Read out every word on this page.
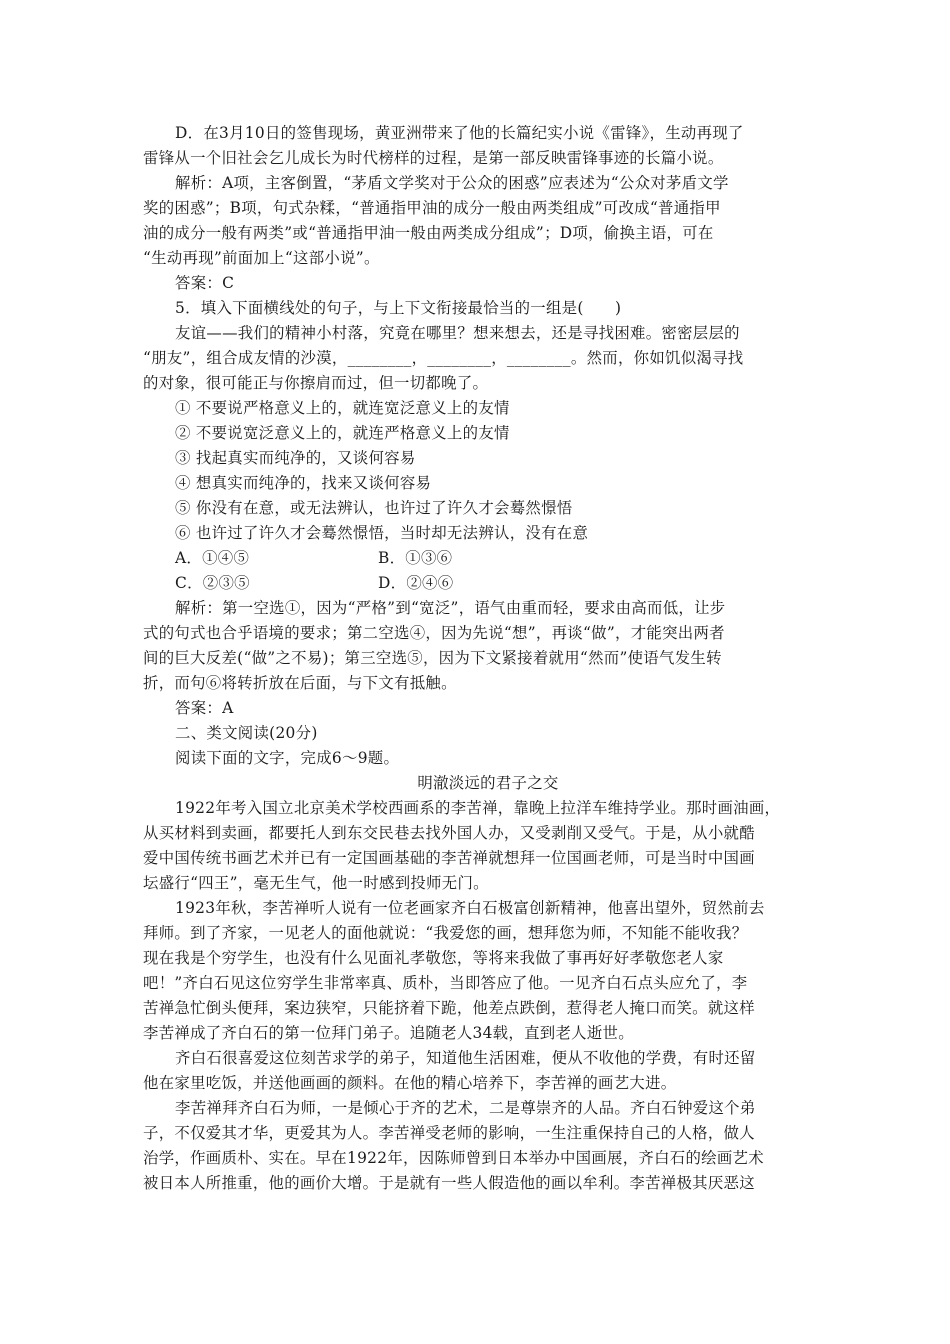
D．在3月10日的签售现场，黄亚洲带来了他的长篇纪实小说《雷锋》，生动再现了
雷锋从一个旧社会乞儿成长为时代榜样的过程，是第一部反映雷锋事迹的长篇小说。
解析：A项，主客倒置，“茅盾文学奖对于公众的困惑”应表述为“公众对茅盾文学
奖的困惑”；B项，句式杂糅，“普通指甲油的成分一般由两类组成”可改成“普通指甲
油的成分一般有两类”或“普通指甲油一般由两类成分组成”；D项，偷换主语，可在
“生动再现”前面加上“这部小说”。
答案：C
5．填入下面横线处的句子，与上下文衔接最恰当的一组是(　　)
友谊——我们的精神小村落，究竟在哪里？想来想去，还是寻找困难。密密层层的
“朋友”，组合成友情的沙漠，________，________，________。然而，你如饥似渴寻找
的对象，很可能正与你擦肩而过，但一切都晚了。
① 不要说严格意义上的，就连宽泛意义上的友情
② 不要说宽泛意义上的，就连严格意义上的友情
③ 找起真实而纯净的，又谈何容易
④ 想真实而纯净的，找来又谈何容易
⑤ 你没有在意，或无法辨认，也许过了许久才会蓦然憬悟
⑥ 也许过了许久才会蓦然憬悟，当时却无法辨认，没有在意
A．①④⑤	B．①③⑥
C．②③⑤	D．②④⑥
解析：第一空选①，因为“严格”到“宽泛”，语气由重而轻，要求由高而低，让步
式的句式也合乎语境的要求；第二空选④，因为先说“想”，再谈“做”，才能突出两者
间的巨大反差(“做”之不易)；第三空选⑤，因为下文紧接着就用“然而”使语气发生转
折，而句⑥将转折放在后面，与下文有抵触。
答案：A
二、类文阅读(20分)
阅读下面的文字，完成6～9题。
明澈淡远的君子之交
1922年考入国立北京美术学校西画系的李苦禅，靠晚上拉洋车维持学业。那时画油画，
从买材料到卖画，都要托人到东交民巷去找外国人办，又受剥削又受气。于是，从小就酷
爱中国传统书画艺术并已有一定国画基础的李苦禅就想拜一位国画老师，可是当时中国画
坛盛行“四王”，毫无生气，他一时感到投师无门。
1923年秋，李苦禅听人说有一位老画家齐白石极富创新精神，他喜出望外，贸然前去
拜师。到了齐家，一见老人的面他就说：“我爱您的画，想拜您为师，不知能不能收我？
现在我是个穷学生，也没有什么见面礼孝敬您，等将来我做了事再好好孝敬您老人家
吧！”齐白石见这位穷学生非常率真、质朴，当即答应了他。一见齐白石点头应允了，李
苦禅急忙倒头便拜，案边狭窄，只能挤着下跪，他差点跌倒，惹得老人掩口而笑。就这样
李苦禅成了齐白石的第一位拜门弟子。追随老人34载，直到老人逝世。
齐白石很喜爱这位刻苦求学的弟子，知道他生活困难，便从不收他的学费，有时还留
他在家里吃饭，并送他画画的颜料。在他的精心培养下，李苦禅的画艺大进。
李苦禅拜齐白石为师，一是倾心于齐的艺术，二是尊崇齐的人品。齐白石钟爱这个弟
子，不仅爱其才华，更爱其为人。李苦禅受老师的影响，一生注重保持自己的人格，做人
治学，作画质朴、实在。早在1922年，因陈师曾到日本举办中国画展，齐白石的绘画艺术
被日本人所推重，他的画价大增。于是就有一些人假造他的画以牟利。李苦禅极其厌恶这
